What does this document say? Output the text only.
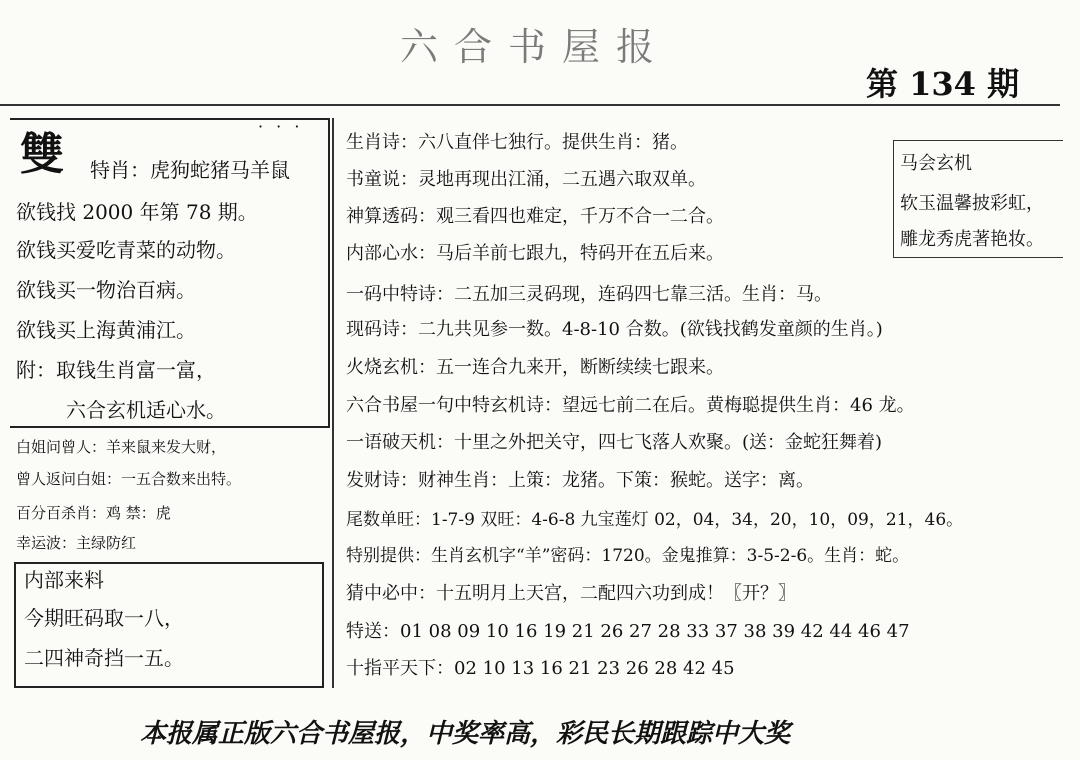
六合书屋报
第 134 期
· · ·
雙	特肖：虎狗蛇猪马羊鼠
欲钱找 2000 年第 78 期。
欲钱买爱吃青菜的动物。
欲钱买一物治百病。
欲钱买上海黄浦江。
附：取钱生肖富一富，
六合玄机适心水。
白姐问曾人：羊来鼠来发大财，
曾人返问白姐：一五合数来出特。
百分百杀肖：鸡 禁：虎
幸运波：主绿防红
内部来料
今期旺码取一八，
二四神奇挡一五。
生肖诗：六八直伴七独行。提供生肖：猪。
书童说：灵地再现出江涌，二五遇六取双单。
神算透码：观三看四也难定，千万不合一二合。
内部心水：马后羊前七跟九，特码开在五后来。
一码中特诗：二五加三灵码现，连码四七靠三活。生肖：马。
现码诗：二九共见参一数。4-8-10 合数。(欲钱找鹤发童颜的生肖。)
火烧玄机：五一连合九来开，断断续续七跟来。
六合书屋一句中特玄机诗：望远七前二在后。黄梅聪提供生肖：46 龙。
一语破天机：十里之外把关守，四七飞落人欢聚。(送：金蛇狂舞着)
发财诗：财神生肖：上策：龙猪。下策：猴蛇。送字：离。
尾数单旺：1-7-9 双旺：4-6-8 九宝莲灯 02，04，34，20，10，09，21，46。
特别提供：生肖玄机字“羊”密码：1720。金鬼推算：3-5-2-6。生肖：蛇。
猜中必中：十五明月上天宫，二配四六功到成！〖开？〗
特送：01 08 09 10 16 19 21 26 27 28 33 37 38 39 42 44 46 47
十指平天下：02 10 13 16 21 23 26 28 42 45
马会玄机
软玉温馨披彩虹，
雕龙秀虎著艳妆。
本报属正版六合书屋报，中奖率高，彩民长期跟踪中大奖
